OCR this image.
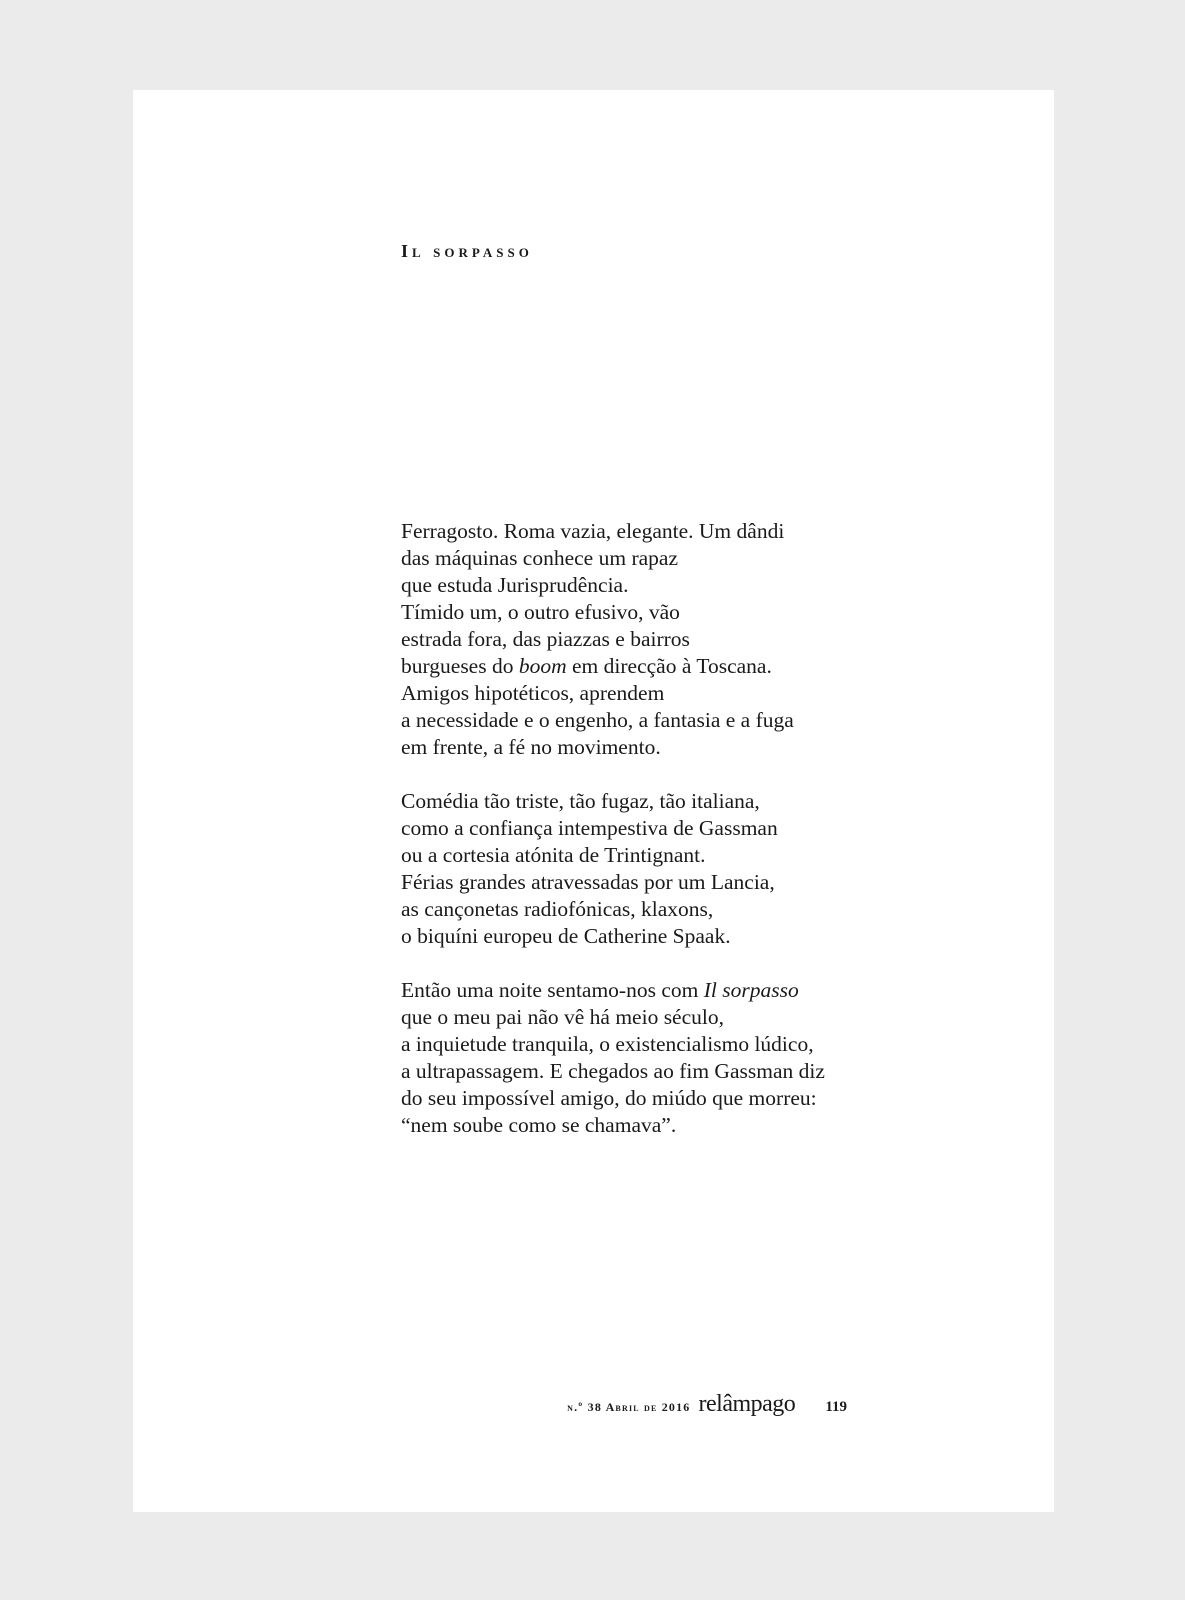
Il sorpasso

Ferragosto. Roma vazia, elegante. Um dândi
das máquinas conhece um rapaz
que estuda Jurisprudência.
Tímido um, o outro efusivo, vão
estrada fora, das piazzas e bairros
burgueses do boom em direcção à Toscana.
Amigos hipotéticos, aprendem
a necessidade e o engenho, a fantasia e a fuga
em frente, a fé no movimento.

Comédia tão triste, tão fugaz, tão italiana,
como a confiança intempestiva de Gassman
ou a cortesia atónita de Trintignant.
Férias grandes atravessadas por um Lancia,
as cançonetas radiofónicas, klaxons,
o biquíni europeu de Catherine Spaak.

Então uma noite sentamo-nos com Il sorpasso
que o meu pai não vê há meio século,
a inquietude tranquila, o existencialismo lúdico,
a ultrapassagem. E chegados ao fim Gassman diz
do seu impossível amigo, do miúdo que morreu:
“nem soube como se chamava”.

n.º 38 Abril de 2016 relâmpago 119
